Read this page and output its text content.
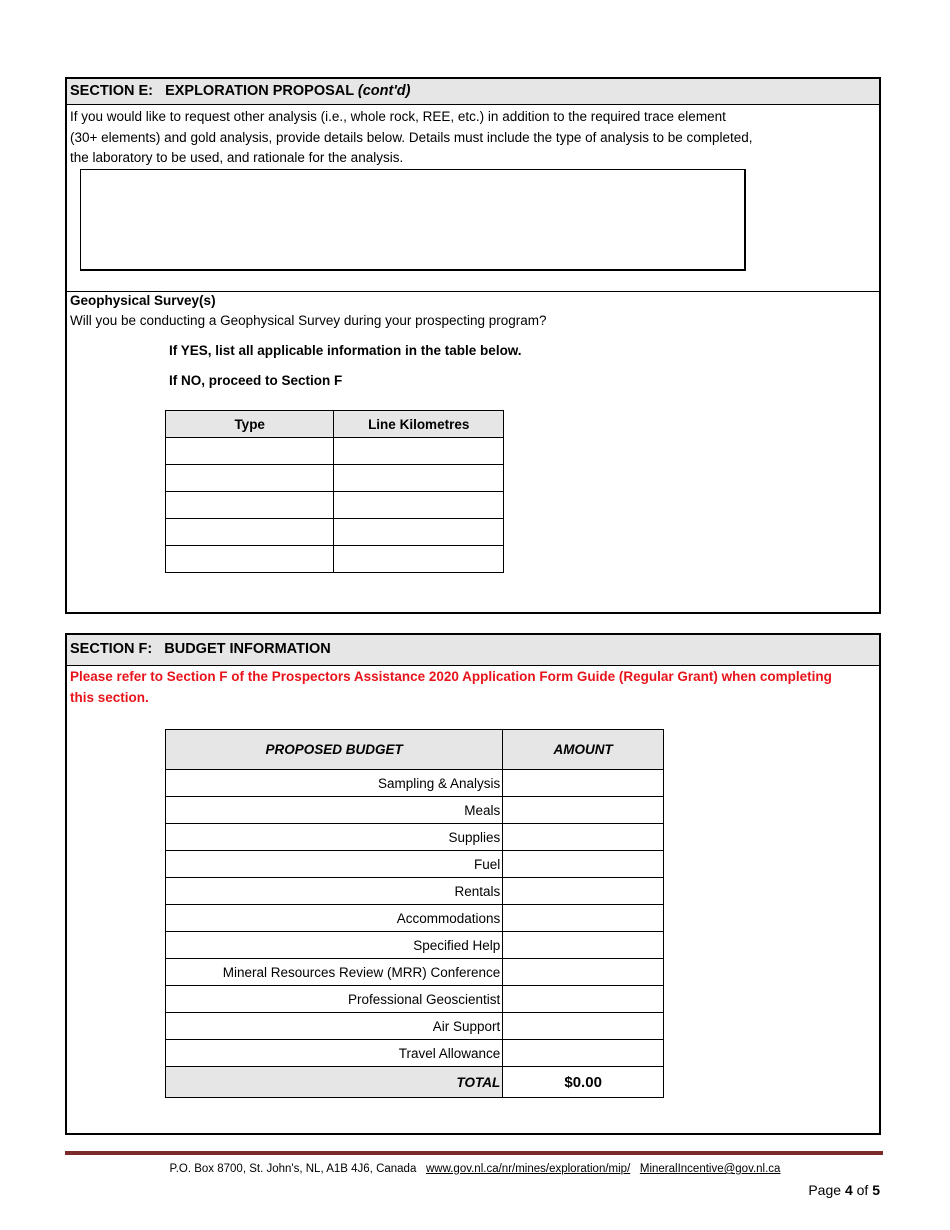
SECTION E:   EXPLORATION PROPOSAL (cont'd)
If you would like to request other analysis (i.e., whole rock, REE, etc.) in addition to the required trace element
(30+ elements) and gold analysis, provide details below. Details must include the type of analysis to be completed,
the laboratory to be used, and rationale for the analysis.
Geophysical Survey(s)
Will you be conducting a Geophysical Survey during your prospecting program?
If YES, list all applicable information in the table below.
If NO, proceed to Section F
Type	Line Kilometres

SECTION F:   BUDGET INFORMATION
Please refer to Section F of the Prospectors Assistance 2020 Application Form Guide (Regular Grant) when completing
this section.
PROPOSED BUDGET	AMOUNT
Sampling & Analysis	
Meals	
Supplies	
Fuel	
Rentals	
Accommodations	
Specified Help	
Mineral Resources Review (MRR) Conference	
Professional Geoscientist	
Air Support	
Travel Allowance	
TOTAL	$0.00
P.O. Box 8700, St. John's, NL, A1B 4J6, Canada www.gov.nl.ca/nr/mines/exploration/mip/ MineralIncentive@gov.nl.ca
Page 4 of 5
